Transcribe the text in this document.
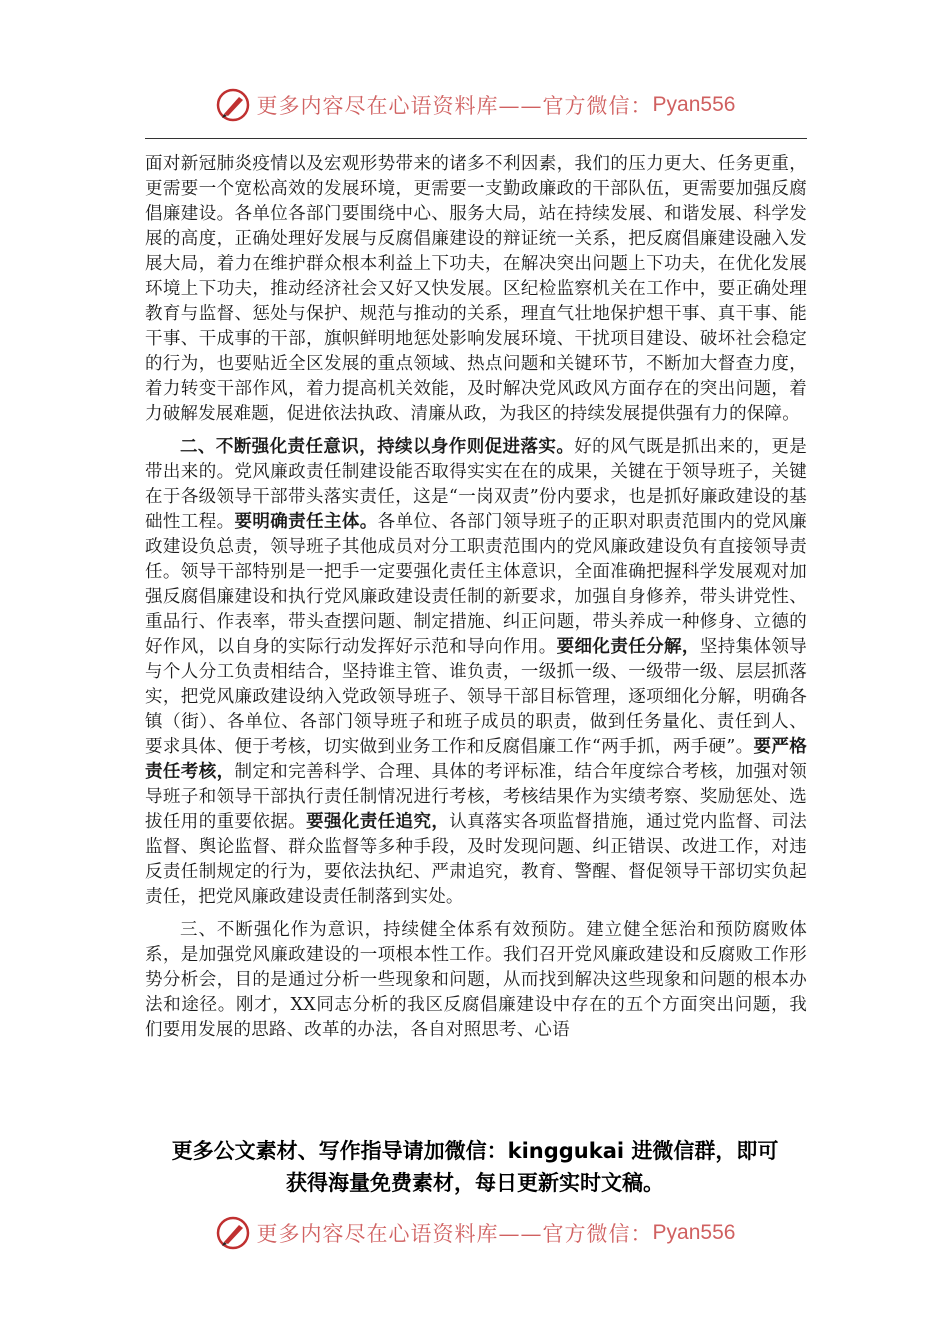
更多内容尽在心语资料库——官方微信： Pyan556

面对新冠肺炎疫情以及宏观形势带来的诸多不利因素，我们的压力更大、任务更重，更需要一个宽松高效的发展环境，更需要一支勤政廉政的干部队伍，更需要加强反腐倡廉建设。各单位各部门要围绕中心、服务大局，站在持续发展、和谐发展、科学发展的高度，正确处理好发展与反腐倡廉建设的辩证统一关系，把反腐倡廉建设融入发展大局，着力在维护群众根本利益上下功夫，在解决突出问题上下功夫，在优化发展环境上下功夫，推动经济社会又好又快发展。区纪检监察机关在工作中，要正确处理教育与监督、惩处与保护、规范与推动的关系，理直气壮地保护想干事、真干事、能干事、干成事的干部，旗帜鲜明地惩处影响发展环境、干扰项目建设、破坏社会稳定的行为，也要贴近全区发展的重点领域、热点问题和关键环节，不断加大督查力度，着力转变干部作风，着力提高机关效能，及时解决党风政风方面存在的突出问题，着力破解发展难题，促进依法执政、清廉从政，为我区的持续发展提供强有力的保障。

二、不断强化责任意识，持续以身作则促进落实。好的风气既是抓出来的，更是带出来的。党风廉政责任制建设能否取得实实在在的成果，关键在于领导班子，关键在于各级领导干部带头落实责任，这是“一岗双责”份内要求，也是抓好廉政建设的基础性工程。要明确责任主体。各单位、各部门领导班子的正职对职责范围内的党风廉政建设负总责，领导班子其他成员对分工职责范围内的党风廉政建设负有直接领导责任。领导干部特别是一把手一定要强化责任主体意识，全面准确把握科学发展观对加强反腐倡廉建设和执行党风廉政建设责任制的新要求，加强自身修养，带头讲党性、重品行、作表率，带头查摆问题、制定措施、纠正问题，带头养成一种修身、立德的好作风，以自身的实际行动发挥好示范和导向作用。要细化责任分解，坚持集体领导与个人分工负责相结合，坚持谁主管、谁负责，一级抓一级、一级带一级、层层抓落实，把党风廉政建设纳入党政领导班子、领导干部目标管理，逐项细化分解，明确各镇（街）、各单位、各部门领导班子和班子成员的职责，做到任务量化、责任到人、要求具体、便于考核，切实做到业务工作和反腐倡廉工作“两手抓，两手硬”。要严格责任考核，制定和完善科学、合理、具体的考评标准，结合年度综合考核，加强对领导班子和领导干部执行责任制情况进行考核，考核结果作为实绩考察、奖励惩处、选拔任用的重要依据。要强化责任追究，认真落实各项监督措施，通过党内监督、司法监督、舆论监督、群众监督等多种手段，及时发现问题、纠正错误、改进工作，对违反责任制规定的行为，要依法执纪、严肃追究，教育、警醒、督促领导干部切实负起责任，把党风廉政建设责任制落到实处。

三、不断强化作为意识，持续健全体系有效预防。建立健全惩治和预防腐败体系，是加强党风廉政建设的一项根本性工作。我们召开党风廉政建设和反腐败工作形势分析会，目的是通过分析一些现象和问题，从而找到解决这些现象和问题的根本办法和途径。刚才，XX同志分析的我区反腐倡廉建设中存在的五个方面突出问题，我们要用发展的思路、改革的办法，各自对照思考、心语

更多公文素材、写作指导请加微信：kinggukai 进微信群，即可
获得海量免费素材，每日更新实时文稿。
更多内容尽在心语资料库——官方微信： Pyan556
